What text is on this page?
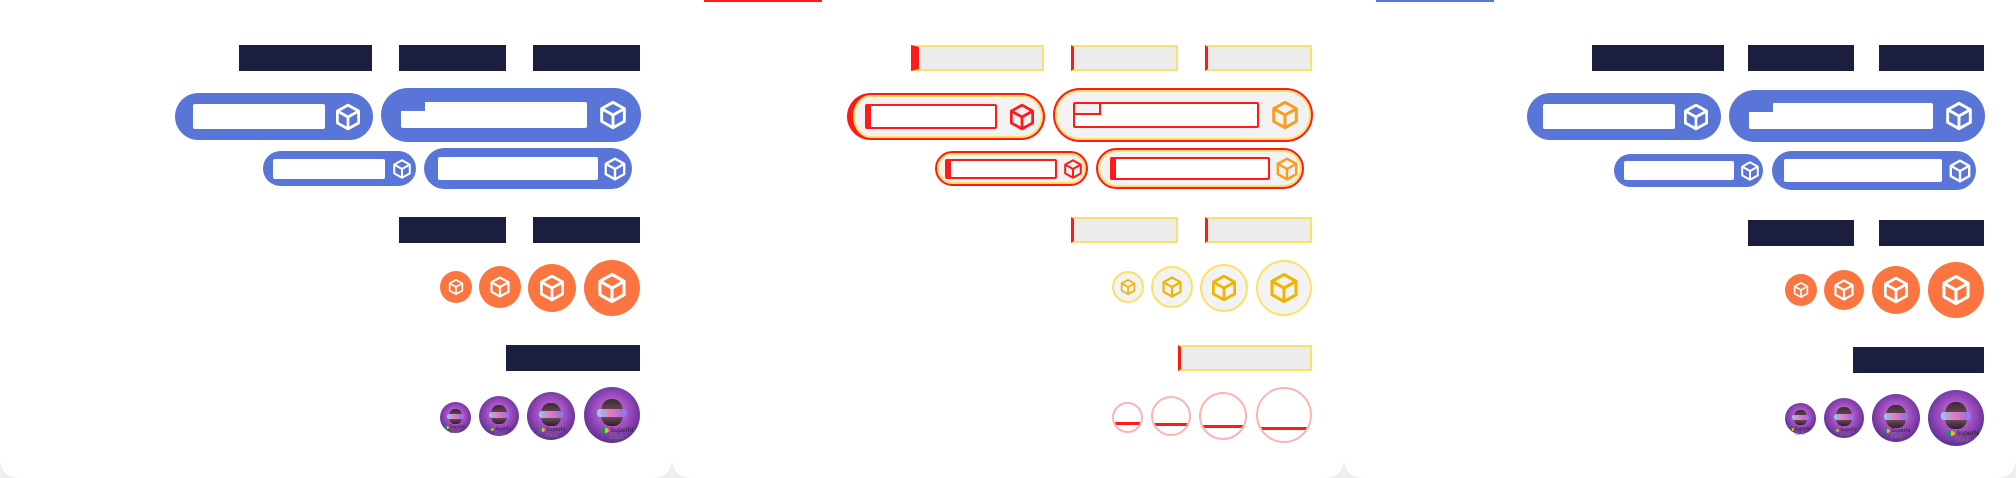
Superhi
Dash
Superhi
Dash
Superhi
Dash
Superhi
Dash
Superhi
Dash
Superhi
Dash
Superhi
Dash	Superhi
Dash
